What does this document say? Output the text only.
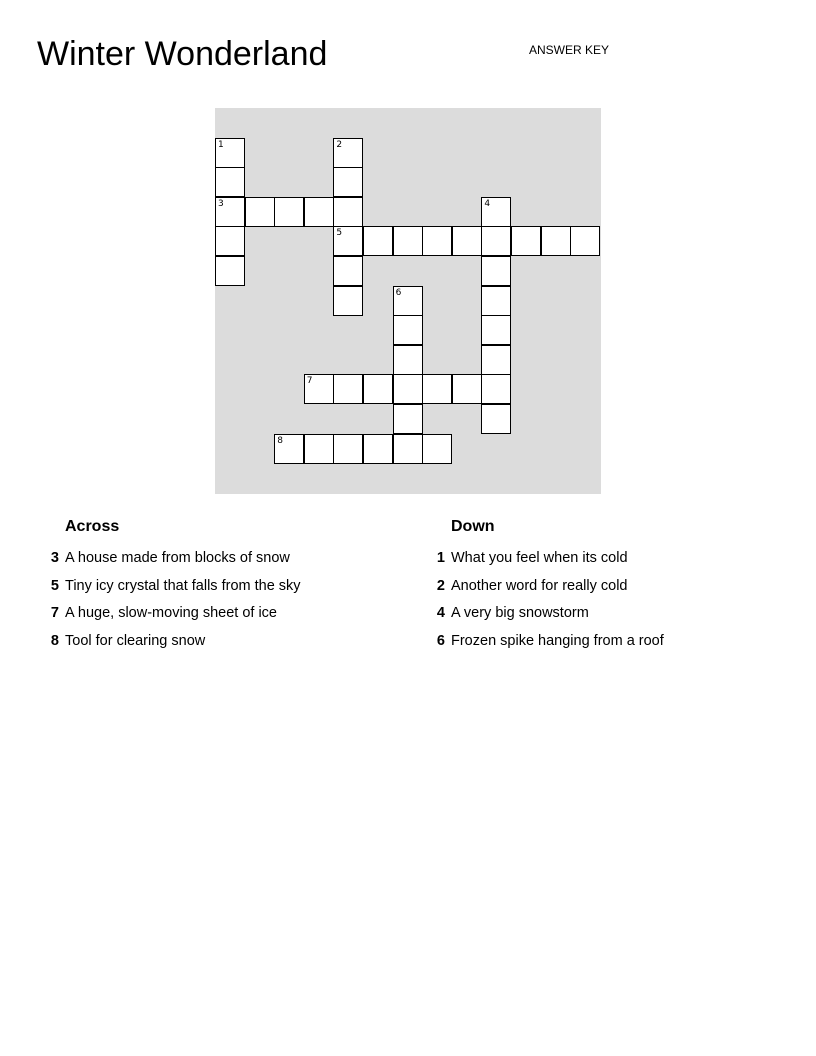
Winter Wonderland	ANSWER KEY
1
3
2
5
4
6
7
8
Across
3 A house made from blocks of snow
5 Tiny icy crystal that falls from the sky
7 A huge, slow-moving sheet of ice
8 Tool for clearing snow
Down
1 What you feel when its cold
2 Another word for really cold
4 A very big snowstorm
6 Frozen spike hanging from a roof
